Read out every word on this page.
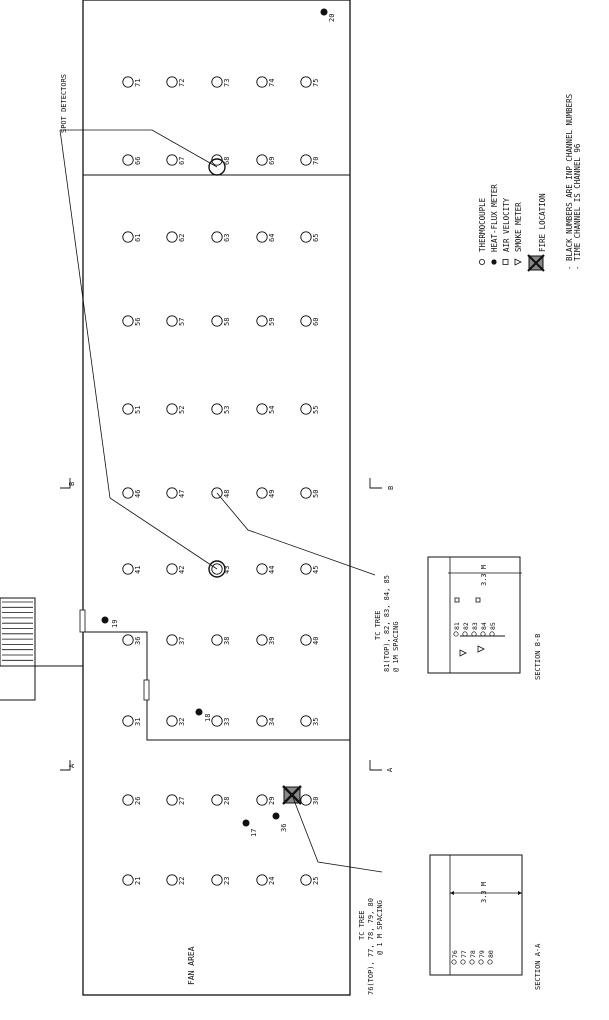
FAN AREA
21	22	23	24	25
26	27	28	29	30
31	32	33	34	35
36	37	38	39	40
41	42	43	44	45
46	47	48	49	50
51	52	53	54	55
56	57	58	59	60
61	62	63	64	65
66	67	68	69	70
71	72	73	74	75
17
36
18
19
20
SPOT DETECTORS
TC TREE 81(TOP), 82, 83, 84, 85 @ 1M SPACING
TC TREE 76(TOP), 77, 78, 79, 80 @ 1 M SPACING
A
A
B
B
3.3 M
76 77 78 79 80	SECTION A-A
3.3 M
81 82 83 84 85
SECTION B-B
THERMOCOUPLE HEAT-FLUX METER AIR VELOCITY SMOKE METER FIRE LOCATION - BLACK NUMBERS ARE INP CHANNEL NUMBERS - TIME CHANNEL IS CHANNEL 96
